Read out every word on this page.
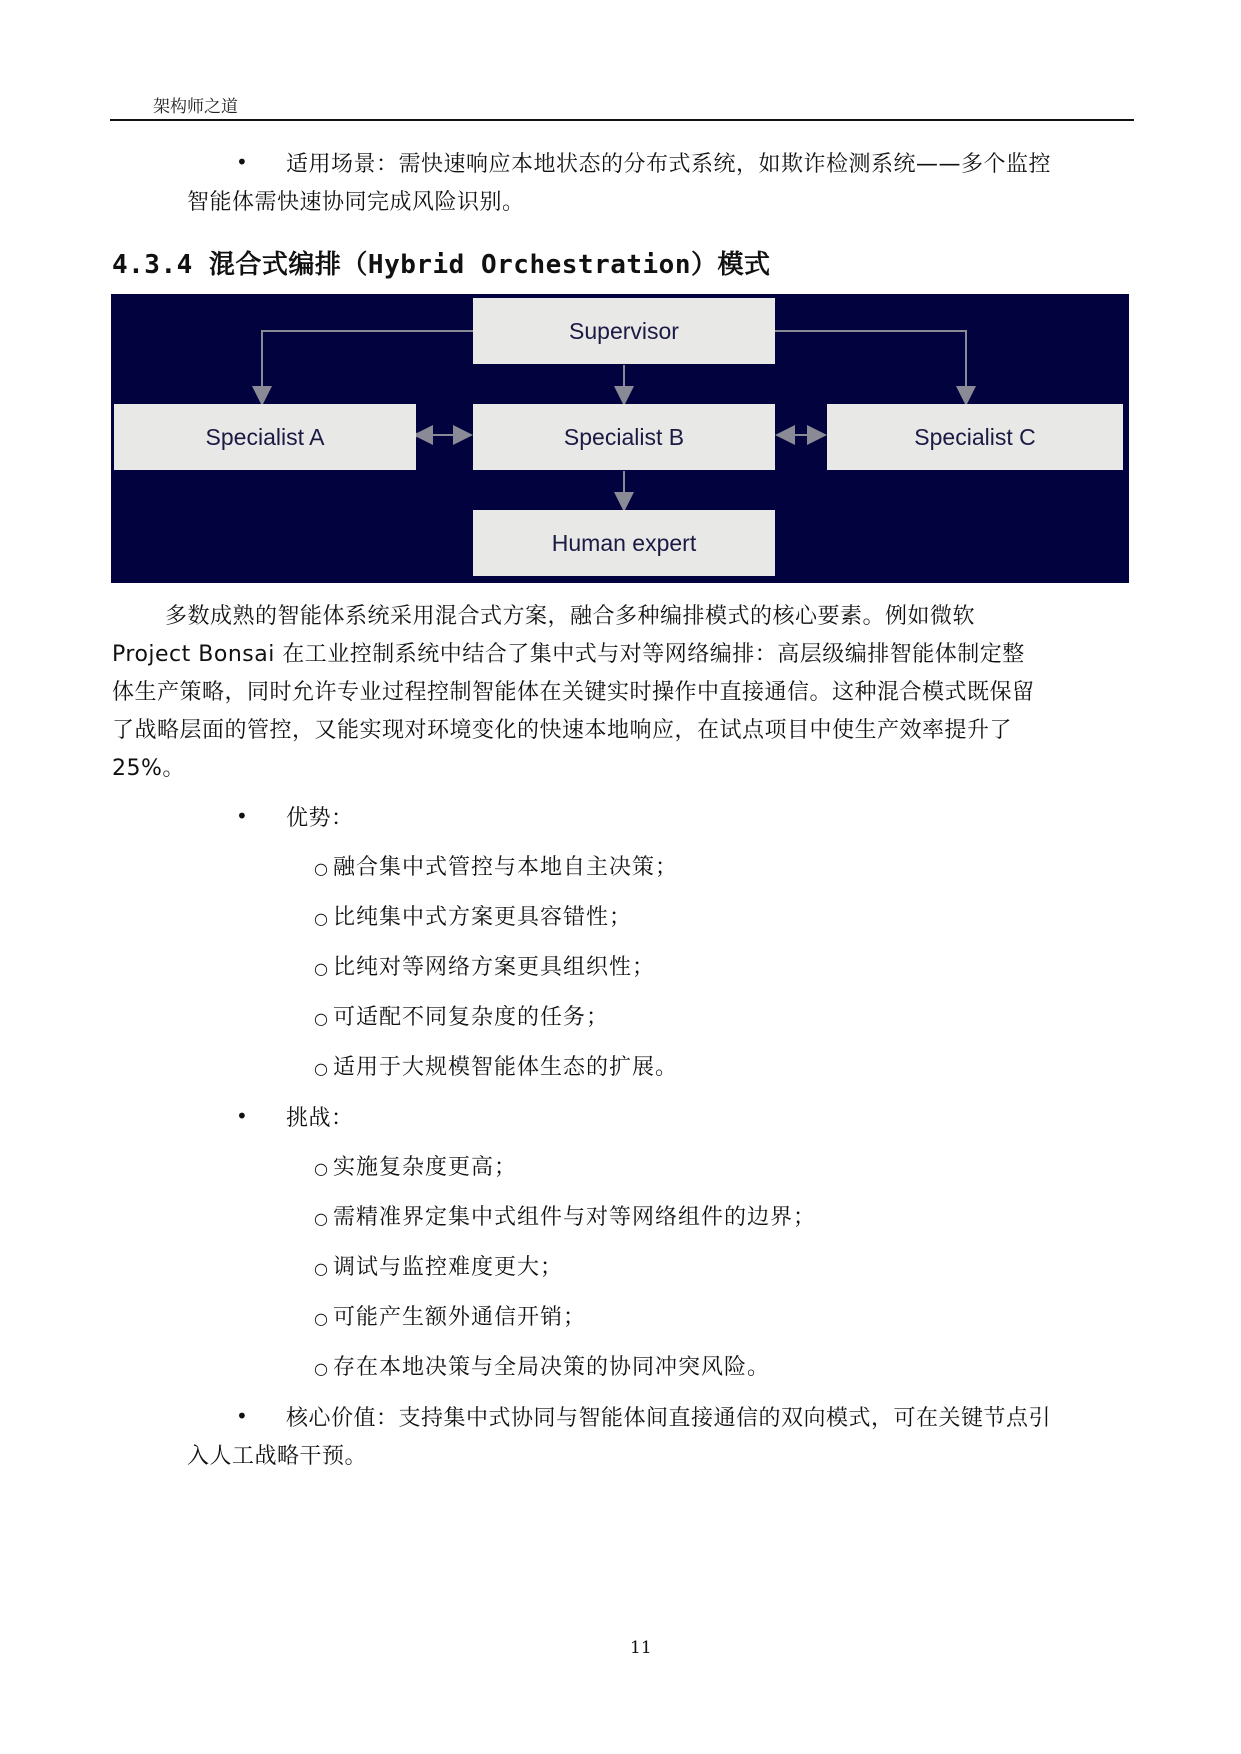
架构师之道
• 适用场景：需快速响应本地状态的分布式系统，如欺诈检测系统——多个监控
智能体需快速协同完成风险识别。
4.3.4 混合式编排（Hybrid Orchestration）模式
Supervisor
Specialist A	Specialist B	Specialist C
Human expert
多数成熟的智能体系统采用混合式方案，融合多种编排模式的核心要素。例如微软
Project Bonsai 在工业控制系统中结合了集中式与对等网络编排：高层级编排智能体制定整
体生产策略，同时允许专业过程控制智能体在关键实时操作中直接通信。这种混合模式既保留
了战略层面的管控，又能实现对环境变化的快速本地响应，在试点项目中使生产效率提升了
25%。
• 优势：
○ 融合集中式管控与本地自主决策；
○ 比纯集中式方案更具容错性；
○ 比纯对等网络方案更具组织性；
○ 可适配不同复杂度的任务；
○ 适用于大规模智能体生态的扩展。
• 挑战：
○ 实施复杂度更高；
○ 需精准界定集中式组件与对等网络组件的边界；
○ 调试与监控难度更大；
○ 可能产生额外通信开销；
○ 存在本地决策与全局决策的协同冲突风险。
• 核心价值：支持集中式协同与智能体间直接通信的双向模式，可在关键节点引
入人工战略干预。
11
